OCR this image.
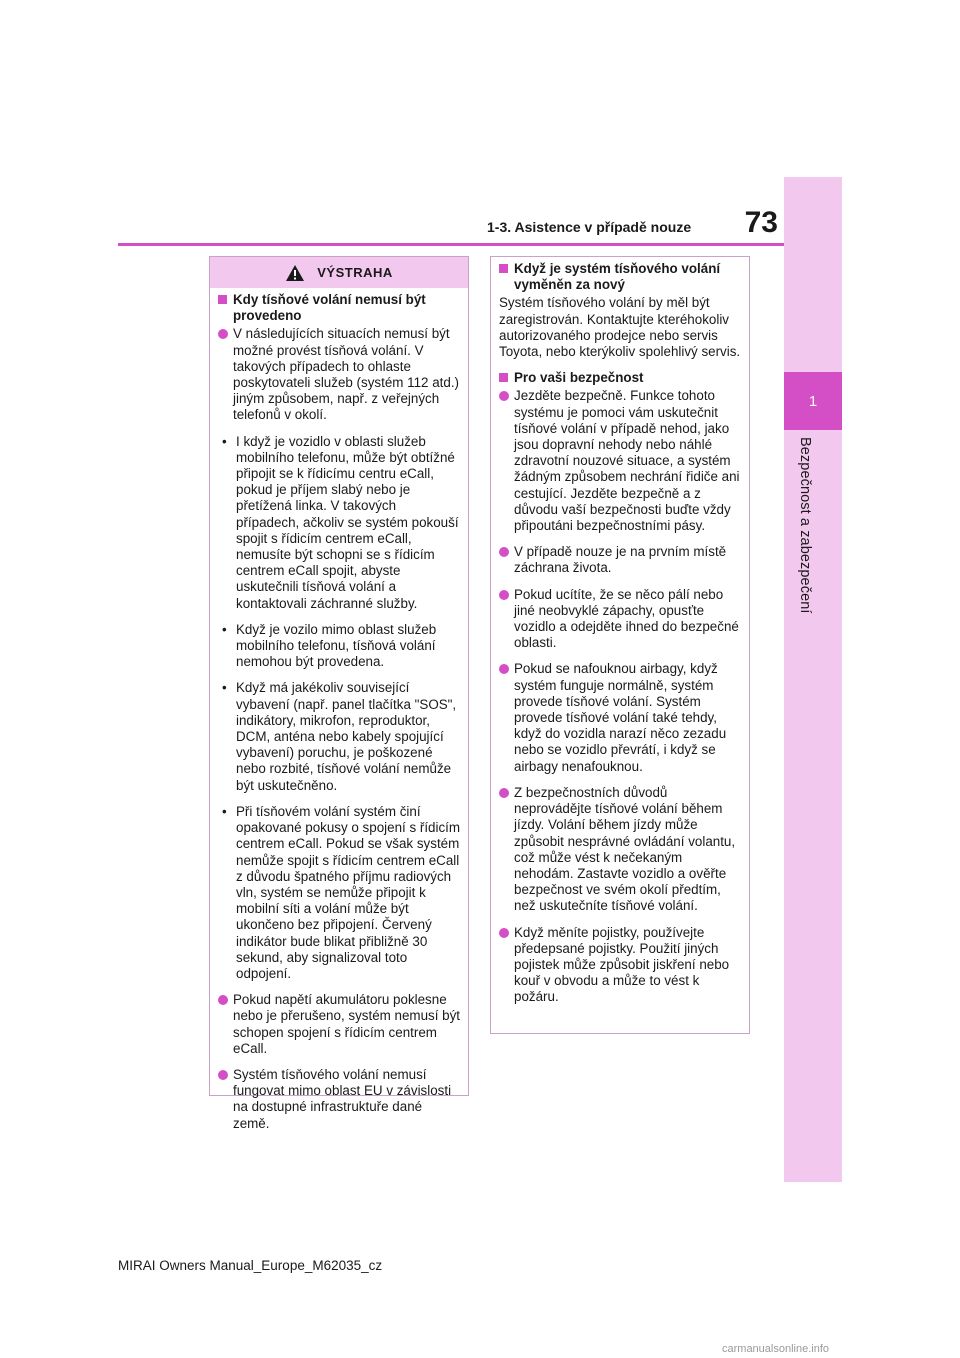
1
Bezpečnost a zabezpečení
73
1-3. Asistence v případě nouze
VÝSTRAHA
Kdy tísňové volání nemusí být provedeno
V následujících situacích nemusí být možné provést tísňová volání. V takových případech to ohlaste poskytovateli služeb (systém 112 atd.) jiným způsobem, např. z veřejných telefonů v okolí.
• I když je vozidlo v oblasti služeb mobilního telefonu, může být obtížné připojit se k řídicímu centru eCall, pokud je příjem slabý nebo je přetížená linka. V takových případech, ačkoliv se systém pokouší spojit s řídicím centrem eCall, nemusíte být schopni se s řídicím centrem eCall spojit, abyste uskutečnili tísňová volání a kontaktovali záchranné služby.
• Když je vozilo mimo oblast služeb mobilního telefonu, tísňová volání nemohou být provedena.
• Když má jakékoliv související vybavení (např. panel tlačítka "SOS", indikátory, mikrofon, reproduktor, DCM, anténa nebo kabely spojující vybavení) poruchu, je poškozené nebo rozbité, tísňové volání nemůže být uskutečněno.
• Při tísňovém volání systém činí opakované pokusy o spojení s řídicím centrem eCall. Pokud se však systém nemůže spojit s řídicím centrem eCall z důvodu špatného příjmu radiových vln, systém se nemůže připojit k mobilní síti a volání může být ukončeno bez připojení. Červený indikátor bude blikat přibližně 30 sekund, aby signalizoval toto odpojení.
Pokud napětí akumulátoru poklesne nebo je přerušeno, systém nemusí být schopen spojení s řídicím centrem eCall.
Systém tísňového volání nemusí fungovat mimo oblast EU v závislosti na dostupné infrastruktuře dané země.
Když je systém tísňového volání vyměněn za nový
Systém tísňového volání by měl být zaregistrován. Kontaktujte kteréhokoliv autorizovaného prodejce nebo servis Toyota, nebo kterýkoliv spolehlivý servis.
Pro vaši bezpečnost
Jezděte bezpečně. Funkce tohoto systému je pomoci vám uskutečnit tísňové volání v případě nehod, jako jsou dopravní nehody nebo náhlé zdravotní nouzové situace, a systém žádným způsobem nechrání řidiče ani cestující. Jezděte bezpečně a z důvodu vaší bezpečnosti buďte vždy připoutáni bezpečnostními pásy.
V případě nouze je na prvním místě záchrana života.
Pokud ucítíte, že se něco pálí nebo jiné neobvyklé zápachy, opusťte vozidlo a odejděte ihned do bezpečné oblasti.
Pokud se nafouknou airbagy, když systém funguje normálně, systém provede tísňové volání. Systém provede tísňové volání také tehdy, když do vozidla narazí něco zezadu nebo se vozidlo převrátí, i když se airbagy nenafouknou.
Z bezpečnostních důvodů neprovádějte tísňové volání během jízdy. Volání během jízdy může způsobit nesprávné ovládání volantu, což může vést k nečekaným nehodám. Zastavte vozidlo a ověřte bezpečnost ve svém okolí předtím, než uskutečníte tísňové volání.
Když měníte pojistky, používejte předepsané pojistky. Použití jiných pojistek může způsobit jiskření nebo kouř v obvodu a může to vést k požáru.
MIRAI Owners Manual_Europe_M62035_cz
carmanualsonline.info
